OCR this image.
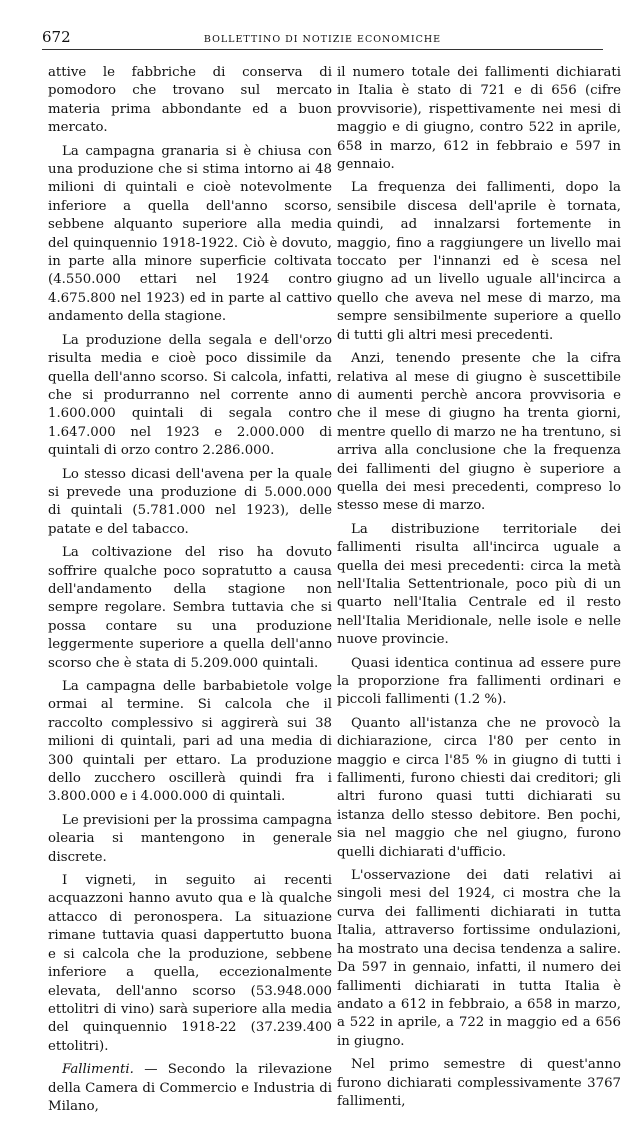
672	BOLLETTINO DI NOTIZIE ECONOMICHE

attive le fabbriche di conserva di pomodoro che trovano sul mercato materia prima abbondante ed a buon mercato.

La campagna granaria si è chiusa con una produzione che si stima intorno ai 48 milioni di quintali e cioè notevolmente inferiore a quella dell'anno scorso, sebbene alquanto superiore alla media del quinquennio 1918-1922. Ciò è dovuto, in parte alla minore superficie coltivata (4.550.000 ettari nel 1924 contro 4.675.800 nel 1923) ed in parte al cattivo andamento della stagione.

La produzione della segala e dell'orzo risulta media e cioè poco dissimile da quella dell'anno scorso. Si calcola, infatti, che si produrranno nel corrente anno 1.600.000 quintali di segala contro 1.647.000 nel 1923 e 2.000.000 di quintali di orzo contro 2.286.000.

Lo stesso dicasi dell'avena per la quale si prevede una produzione di 5.000.000 di quintali (5.781.000 nel 1923), delle patate e del tabacco.

La coltivazione del riso ha dovuto soffrire qualche poco sopratutto a causa dell'andamento della stagione non sempre regolare. Sembra tuttavia che si possa contare su una produzione leggermente superiore a quella dell'anno scorso che è stata di 5.209.000 quintali.

La campagna delle barbabietole volge ormai al termine. Si calcola che il raccolto complessivo si aggirerà sui 38 milioni di quintali, pari ad una media di 300 quintali per ettaro. La produzione dello zucchero oscillerà quindi fra i 3.800.000 e i 4.000.000 di quintali.

Le previsioni per la prossima campagna olearia si mantengono in generale discrete.

I vigneti, in seguito ai recenti acquazzoni hanno avuto qua e là qualche attacco di peronospera. La situazione rimane tuttavia quasi dappertutto buona e si calcola che la produzione, sebbene inferiore a quella, eccezionalmente elevata, dell'anno scorso (53.948.000 ettolitri di vino) sarà superiore alla media del quinquennio 1918-22 (37.239.400 ettolitri).

Fallimenti. — Secondo la rilevazione della Camera di Commercio e Industria di Milano,

il numero totale dei fallimenti dichiarati in Italia è stato di 721 e di 656 (cifre provvisorie), rispettivamente nei mesi di maggio e di giugno, contro 522 in aprile, 658 in marzo, 612 in febbraio e 597 in gennaio.

La frequenza dei fallimenti, dopo la sensibile discesa dell'aprile è tornata, quindi, ad innalzarsi fortemente in maggio, fino a raggiungere un livello mai toccato per l'innanzi ed è scesa nel giugno ad un livello uguale all'incirca a quello che aveva nel mese di marzo, ma sempre sensibilmente superiore a quello di tutti gli altri mesi precedenti.

Anzi, tenendo presente che la cifra relativa al mese di giugno è suscettibile di aumenti perchè ancora provvisoria e che il mese di giugno ha trenta giorni, mentre quello di marzo ne ha trentuno, si arriva alla conclusione che la frequenza dei fallimenti del giugno è superiore a quella dei mesi precedenti, compreso lo stesso mese di marzo.

La distribuzione territoriale dei fallimenti risulta all'incirca uguale a quella dei mesi precedenti: circa la metà nell'Italia Settentrionale, poco più di un quarto nell'Italia Centrale ed il resto nell'Italia Meridionale, nelle isole e nelle nuove provincie.

Quasi identica continua ad essere pure la proporzione fra fallimenti ordinari e piccoli fallimenti (1.2 %).

Quanto all'istanza che ne provocò la dichiarazione, circa l'80 per cento in maggio e circa l'85 % in giugno di tutti i fallimenti, furono chiesti dai creditori; gli altri furono quasi tutti dichiarati su istanza dello stesso debitore. Ben pochi, sia nel maggio che nel giugno, furono quelli dichiarati d'ufficio.

L'osservazione dei dati relativi ai singoli mesi del 1924, ci mostra che la curva dei fallimenti dichiarati in tutta Italia, attraverso fortissime ondulazioni, ha mostrato una decisa tendenza a salire. Da 597 in gennaio, infatti, il numero dei fallimenti dichiarati in tutta Italia è andato a 612 in febbraio, a 658 in marzo, a 522 in aprile, a 722 in maggio ed a 656 in giugno.

Nel primo semestre di quest'anno furono dichiarati complessivamente 3767 fallimenti,
